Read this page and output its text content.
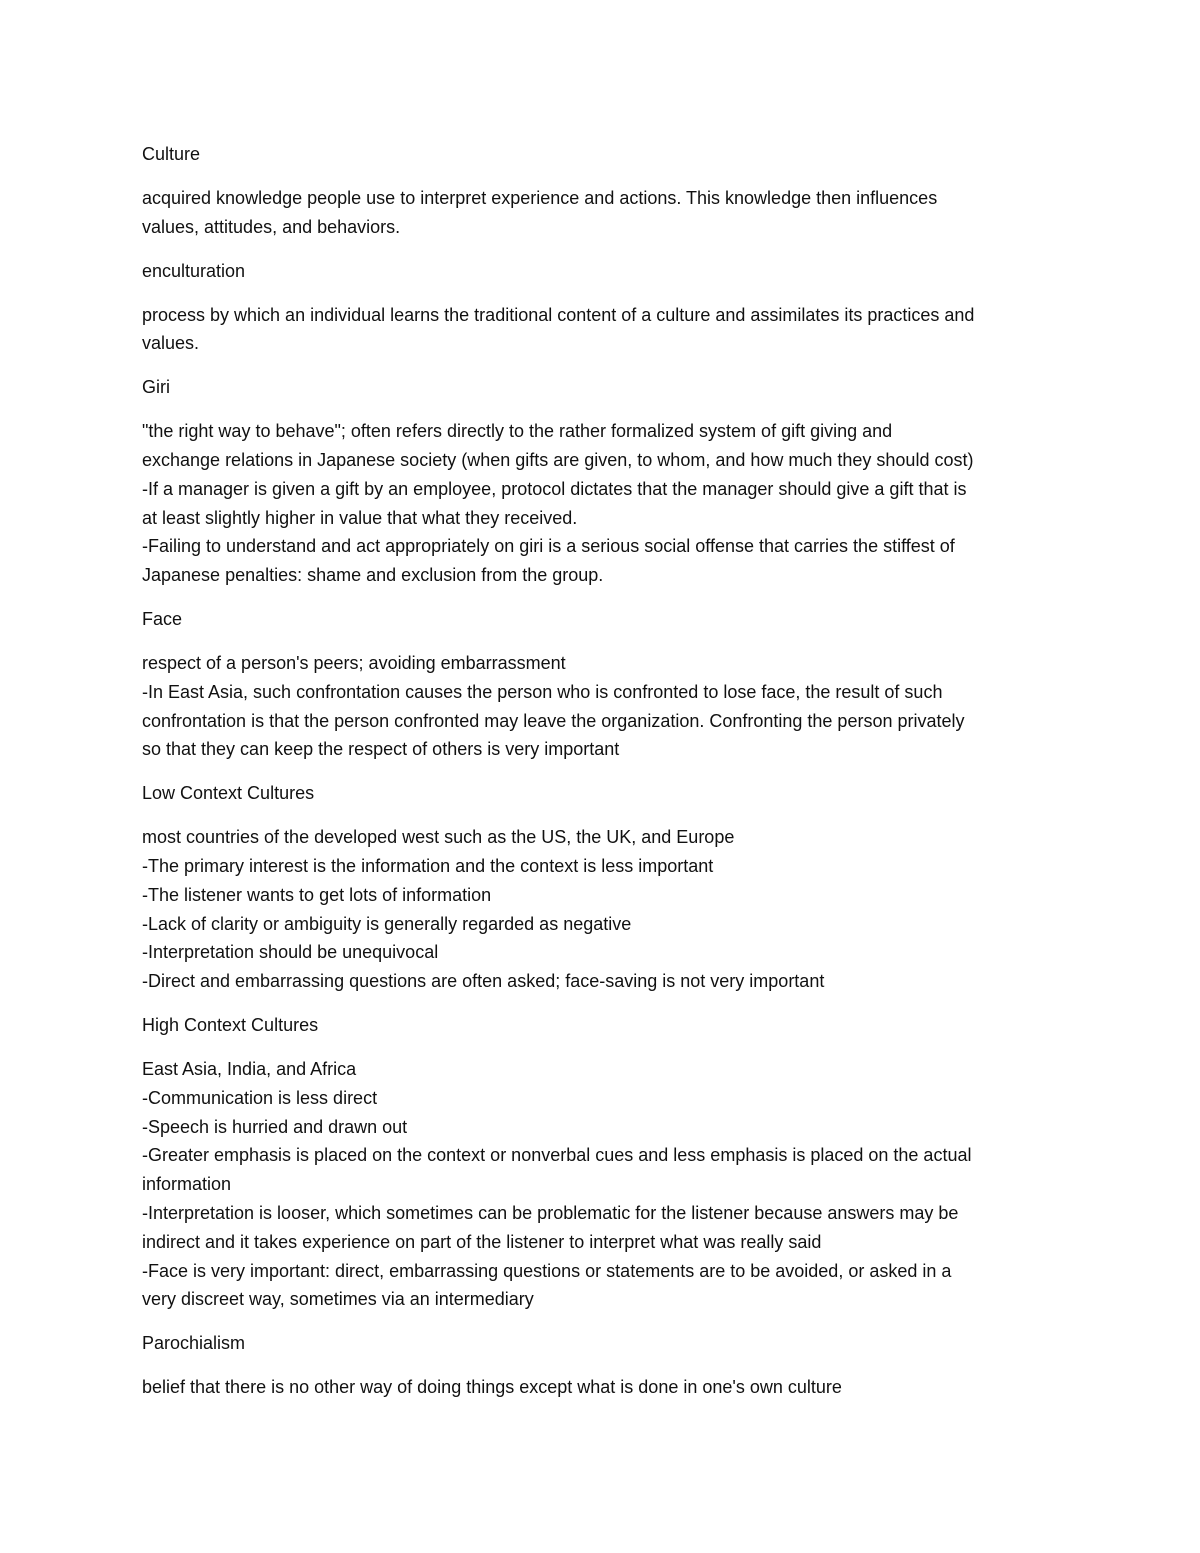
Culture
acquired knowledge people use to interpret experience and actions. This knowledge then influences
values, attitudes, and behaviors.
enculturation
process by which an individual learns the traditional content of a culture and assimilates its practices and
values.
Giri
"the right way to behave"; often refers directly to the rather formalized system of gift giving and
exchange relations in Japanese society (when gifts are given, to whom, and how much they should cost)
-If a manager is given a gift by an employee, protocol dictates that the manager should give a gift that is
at least slightly higher in value that what they received.
-Failing to understand and act appropriately on giri is a serious social offense that carries the stiffest of
Japanese penalties: shame and exclusion from the group.
Face
respect of a person's peers; avoiding embarrassment
-In East Asia, such confrontation causes the person who is confronted to lose face, the result of such
confrontation is that the person confronted may leave the organization. Confronting the person privately
so that they can keep the respect of others is very important
Low Context Cultures
most countries of the developed west such as the US, the UK, and Europe
-The primary interest is the information and the context is less important
-The listener wants to get lots of information
-Lack of clarity or ambiguity is generally regarded as negative
-Interpretation should be unequivocal
-Direct and embarrassing questions are often asked; face-saving is not very important
High Context Cultures
East Asia, India, and Africa
-Communication is less direct
-Speech is hurried and drawn out
-Greater emphasis is placed on the context or nonverbal cues and less emphasis is placed on the actual
information
-Interpretation is looser, which sometimes can be problematic for the listener because answers may be
indirect and it takes experience on part of the listener to interpret what was really said
-Face is very important: direct, embarrassing questions or statements are to be avoided, or asked in a
very discreet way, sometimes via an intermediary
Parochialism
belief that there is no other way of doing things except what is done in one's own culture
